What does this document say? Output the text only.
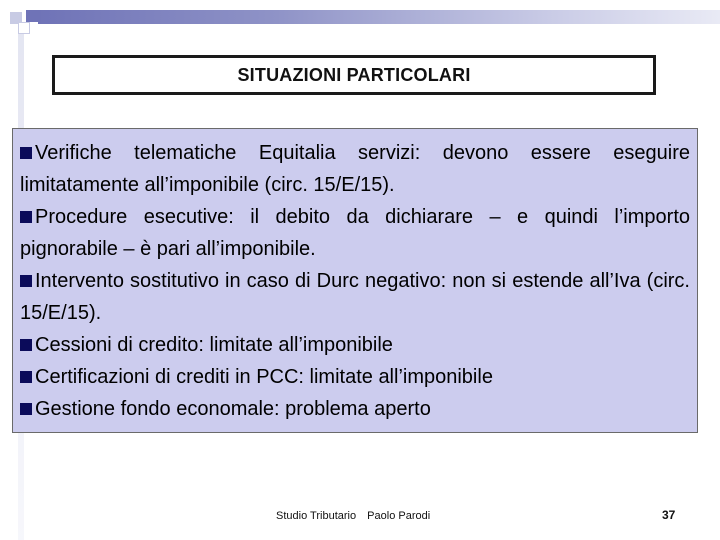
SITUAZIONI PARTICOLARI

Verifiche telematiche Equitalia servizi: devono essere eseguire limitatamente all’imponibile (circ. 15/E/15).

Procedure esecutive: il debito da dichiarare – e quindi l’importo pignorabile – è pari all’imponibile.

Intervento sostitutivo in caso di Durc negativo: non si estende all’Iva (circ. 15/E/15).

Cessioni di credito: limitate all’imponibile

Certificazioni di crediti in PCC: limitate all’imponibile

Gestione fondo economale: problema aperto

Studio Tributario Paolo Parodi	37
